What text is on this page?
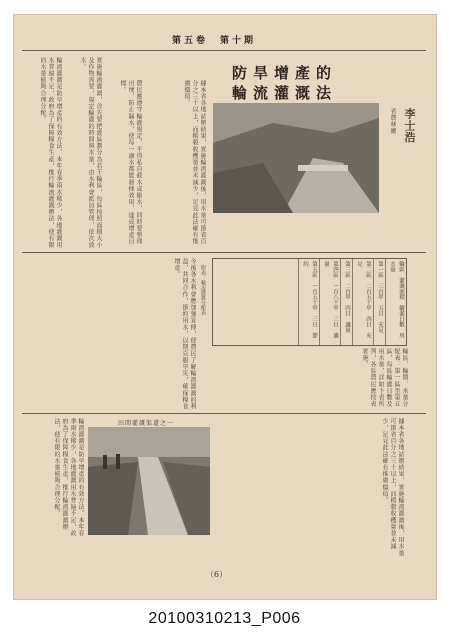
第五卷　第十期
輪流灌溉是防旱增產的有效方法。本年春季雨水稀少，各地灌溉用水普遍不足，政府為了保障糧食生產，推行輪流灌溉辦法，使有限的水量能夠合理分配。	實施輪流灌溉，首先要把灌區劃分為若干輪區，每區按照面積大小及作物需要，規定輪灌的時間與水量，由水利會派員管理，依次放水。
農民應遵守輪灌規定，不得私自截水或偷水，同時要整理田埂，防止漏水，使每一滴水都能發揮效用，達成增產目標。	據本省各地試辦結果，實施輪流灌溉後，用水量可節省百分之三十以上，而稻穀收穫量並未減少，足見此法確有推廣價值。
防旱增產的
輪流灌溉法
省農林廳 李士浩
輪區、輪期、水量分配表：第一區至第五區，每區輪灌日數及用水量，詳如下表所列，各區農民應按表實施。
輪區　灌溉面積　輪灌日數　用水量
第一區　三百甲　五日　充足
第二區　二百五十甲　四日　充足
第三區　二百甲　四日　適量
第四區　一百八十甲　三日　適量
第五區　一百五十甲　三日　節約
附表：輪流灌溉分配表
今後各水利會應加強宣傳，使農民了解輪流灌溉的利益，共同合作，節約用水，以期克服旱災，確保糧食增產。
田間灌溉渠道之一
輪流灌溉是防旱增產的有效方法。本年春季雨水稀少，各地灌溉用水普遍不足，政府為了保障糧食生產，推行輪流灌溉辦法，使有限的水量能夠合理分配。	據本省各地試辦結果，實施輪流灌溉後，用水量可節省百分之三十以上，而稻穀收穫量並未減少，足見此法確有推廣價值。
（6）
20100310213_P006
